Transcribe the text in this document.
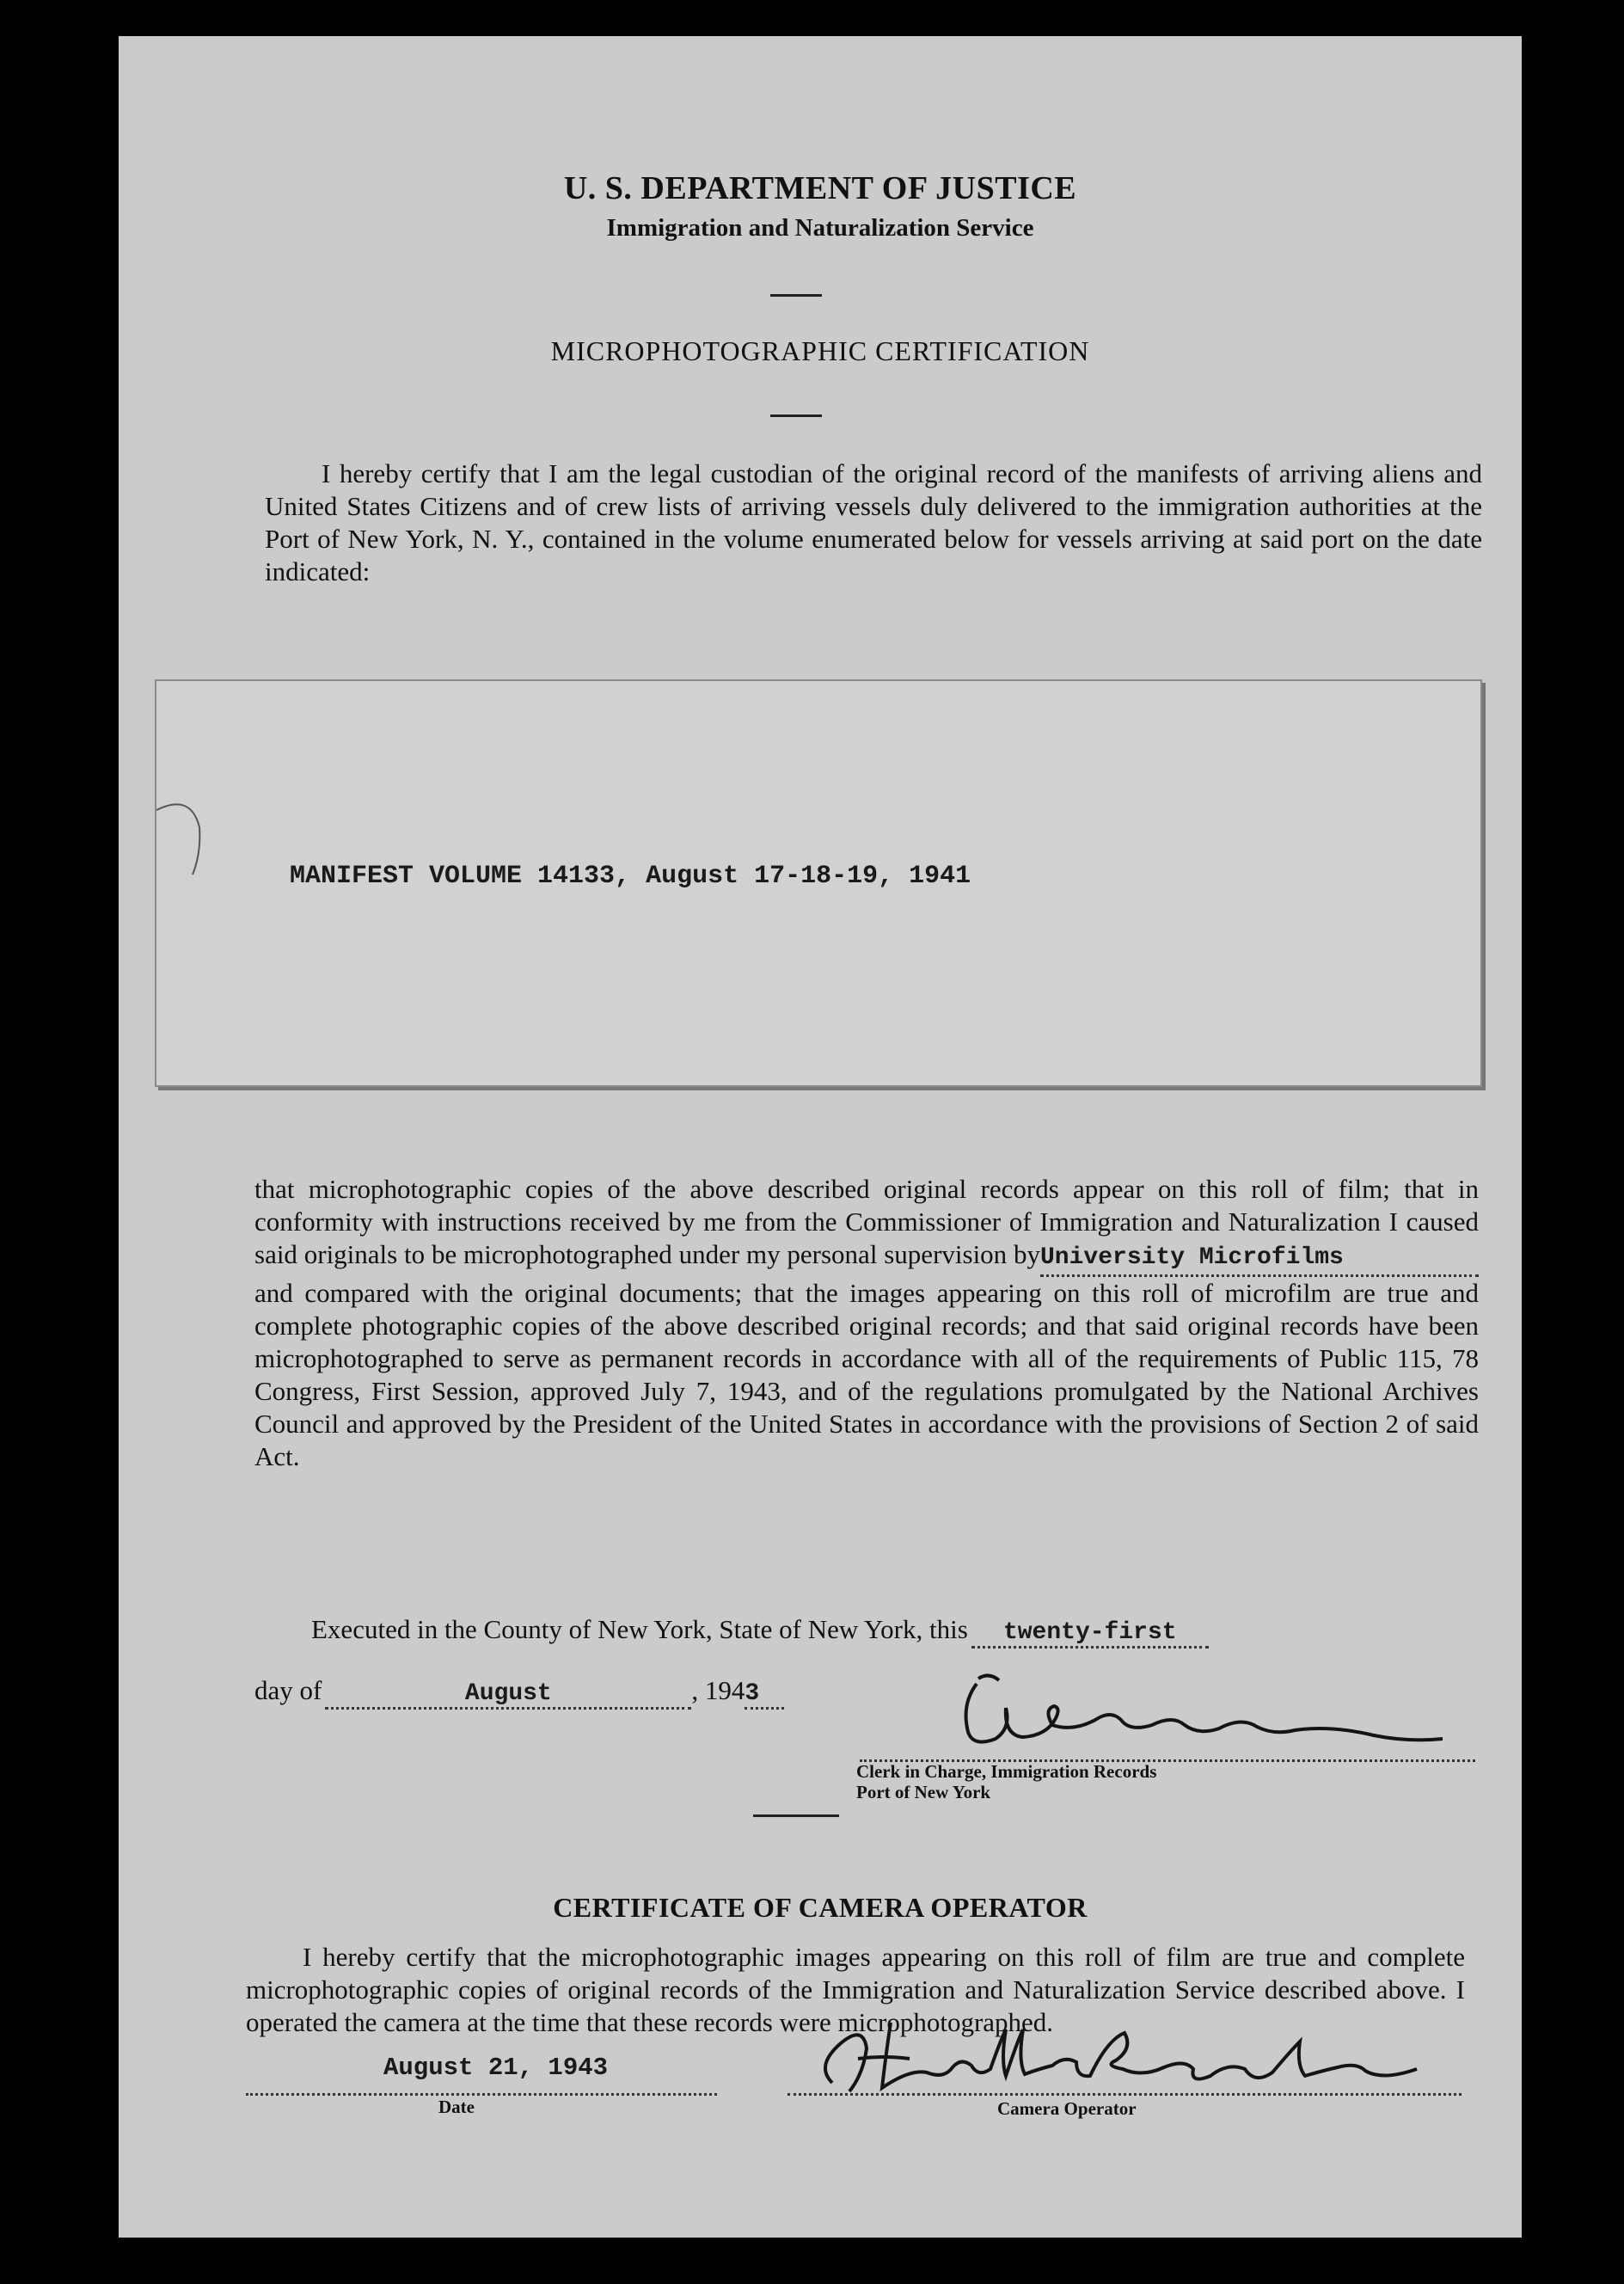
U. S. DEPARTMENT OF JUSTICE
Immigration and Naturalization Service
MICROPHOTOGRAPHIC CERTIFICATION

I hereby certify that I am the legal custodian of the original record of the manifests of arriving aliens and United States Citizens and of crew lists of arriving vessels duly delivered to the immigration authorities at the Port of New York, N. Y., contained in the volume enumerated below for vessels arriving at said port on the date indicated:

MANIFEST VOLUME 14133, August 17-18-19, 1941

that microphotographic copies of the above described original records appear on this roll of film; that in conformity with instructions received by me from the Commissioner of Immigration and Naturalization I caused said originals to be microphotographed under my personal supervision byUniversity Microfilms and compared with the original documents; that the images appearing on this roll of microfilm are true and complete photographic copies of the above described original records; and that said original records have been microphotographed to serve as permanent records in accordance with all of the requirements of Public 115, 78 Congress, First Session, approved July 7, 1943, and of the regulations promulgated by the National Archives Council and approved by the President of the United States in accordance with the provisions of Section 2 of said Act.

Executed in the County of New York, State of New York, this twenty-first
day of	August	, 1943
Clerk in Charge, Immigration Records
Port of New York
CERTIFICATE OF CAMERA OPERATOR

I hereby certify that the microphotographic images appearing on this roll of film are true and complete microphotographic copies of original records of the Immigration and Naturalization Service described above. I operated the camera at the time that these records were microphotographed.

August 21, 1943
Date	Camera Operator
